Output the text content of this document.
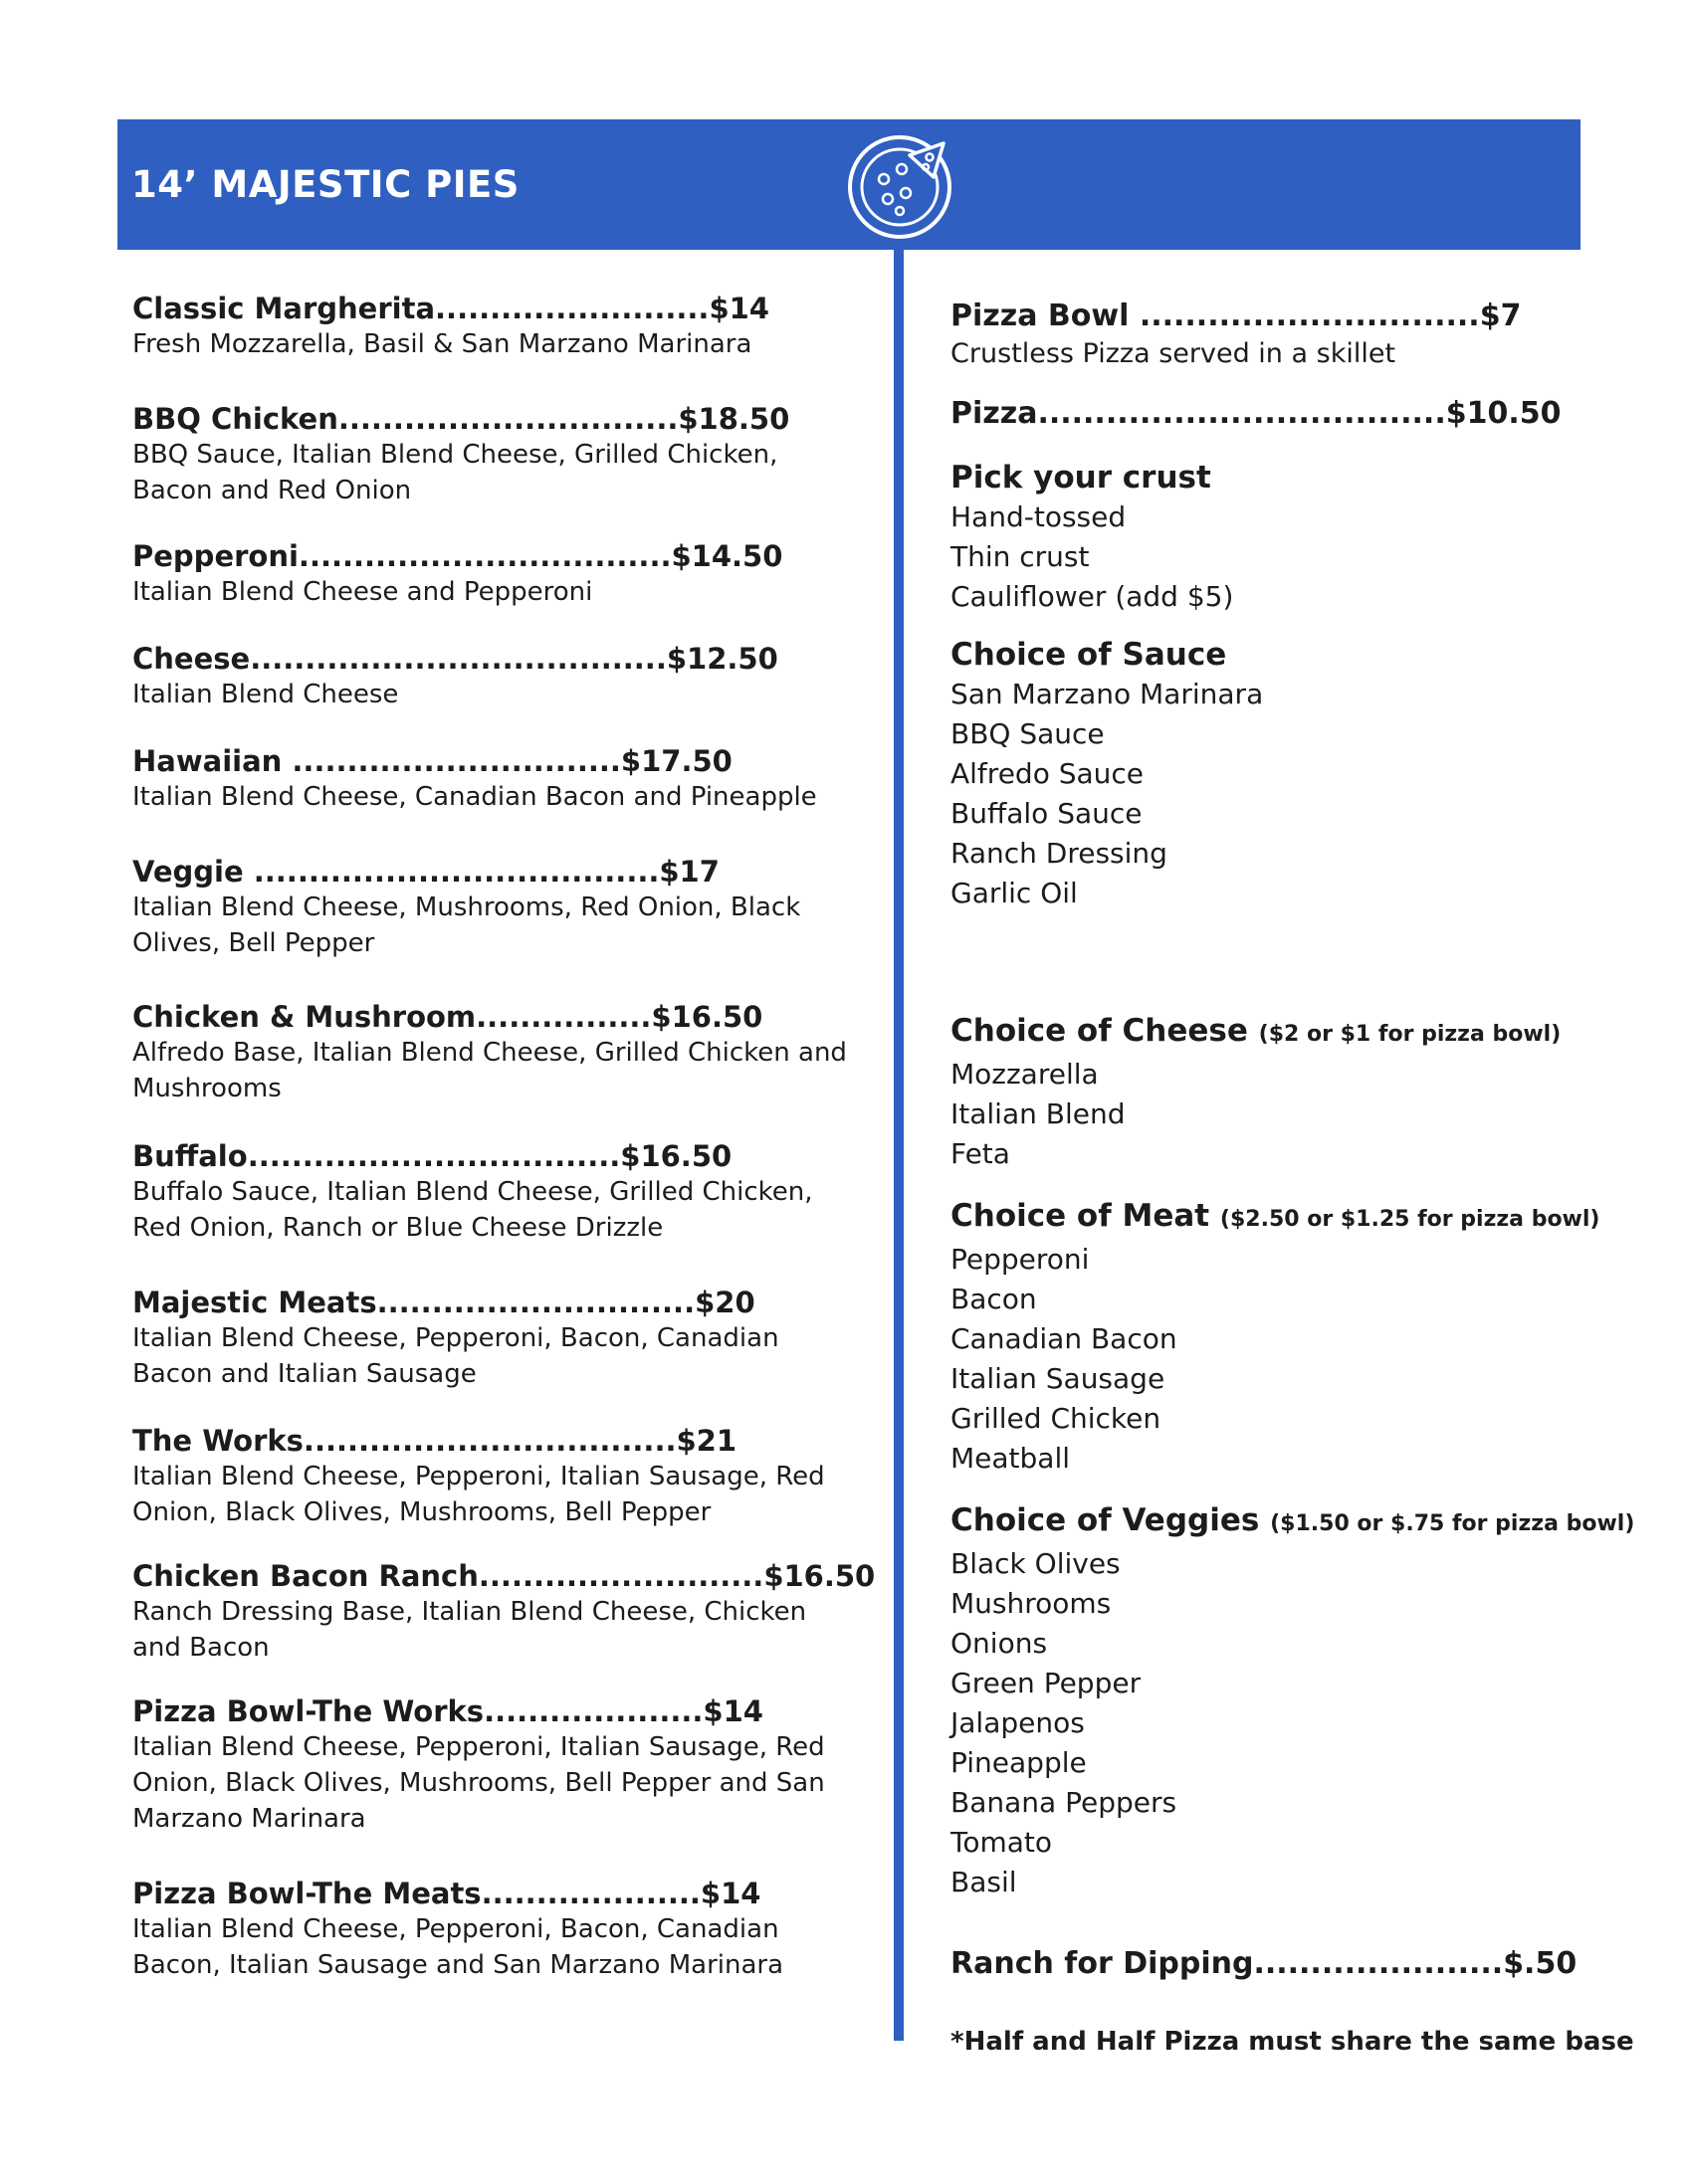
14’ MAJESTIC PIES
Classic Margherita.........................$14
Fresh Mozzarella, Basil & San Marzano Marinara
BBQ Chicken...............................$18.50
BBQ Sauce, Italian Blend Cheese, Grilled Chicken, Bacon and Red Onion
Pepperoni..................................$14.50
Italian Blend Cheese and Pepperoni
Cheese......................................$12.50
Italian Blend Cheese
Hawaiian ..............................$17.50
Italian Blend Cheese, Canadian Bacon and Pineapple
Veggie .....................................$17
Italian Blend Cheese, Mushrooms, Red Onion, Black Olives, Bell Pepper
Chicken & Mushroom................$16.50
Alfredo Base, Italian Blend Cheese, Grilled Chicken and Mushrooms
Buffalo..................................$16.50
Buffalo Sauce, Italian Blend Cheese, Grilled Chicken, Red Onion, Ranch or Blue Cheese Drizzle
Majestic Meats.............................$20
Italian Blend Cheese, Pepperoni, Bacon, Canadian Bacon and Italian Sausage
The Works..................................$21
Italian Blend Cheese, Pepperoni, Italian Sausage, Red Onion, Black Olives, Mushrooms, Bell Pepper
Chicken Bacon Ranch..........................$16.50
Ranch Dressing Base, Italian Blend Cheese, Chicken and Bacon
Pizza Bowl-The Works....................$14
Italian Blend Cheese, Pepperoni, Italian Sausage, Red Onion, Black Olives, Mushrooms, Bell Pepper and San Marzano Marinara
Pizza Bowl-The Meats....................$14
Italian Blend Cheese, Pepperoni, Bacon, Canadian Bacon, Italian Sausage and San Marzano Marinara
Pizza Bowl ..............................$7
Crustless Pizza served in a skillet
Pizza....................................$10.50
Pick your crust
Hand-tossed
Thin crust
Cauliflower (add $5)
Choice of Sauce
San Marzano Marinara
BBQ Sauce
Alfredo Sauce
Buffalo Sauce
Ranch Dressing
Garlic Oil
Choice of Cheese ($2 or $1 for pizza bowl)
Mozzarella
Italian Blend
Feta
Choice of Meat ($2.50 or $1.25 for pizza bowl)
Pepperoni
Bacon
Canadian Bacon
Italian Sausage
Grilled Chicken
Meatball
Choice of Veggies ($1.50 or $.75 for pizza bowl)
Black Olives
Mushrooms
Onions
Green Pepper
Jalapenos
Pineapple
Banana Peppers
Tomato
Basil
Ranch for Dipping......................$.50
*Half and Half Pizza must share the same base
